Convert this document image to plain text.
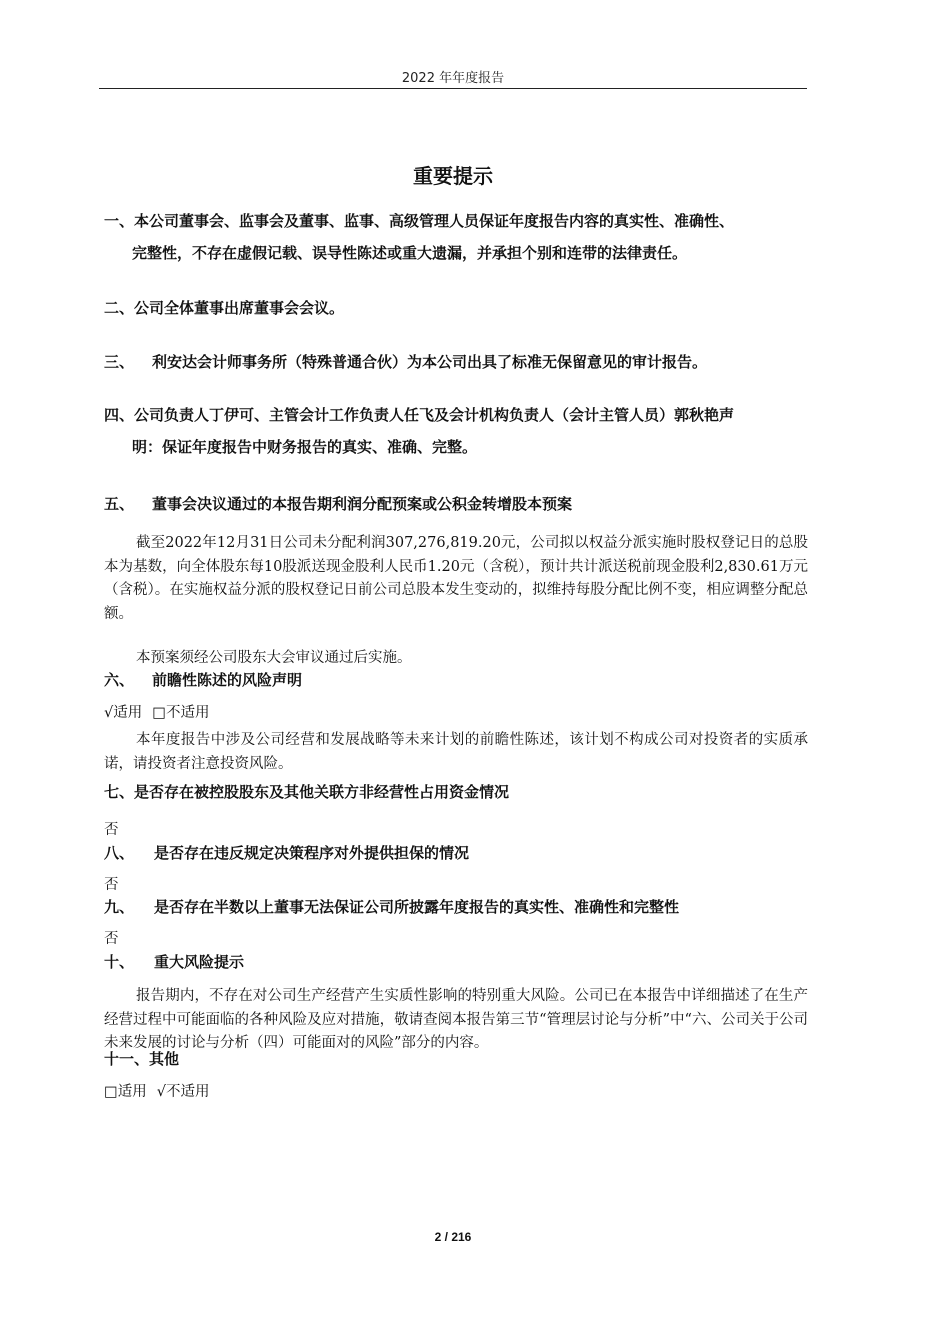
2022 年年度报告
重要提示
一、本公司董事会、监事会及董事、监事、高级管理人员保证年度报告内容的真实性、准确性、
完整性，不存在虚假记载、误导性陈述或重大遗漏，并承担个别和连带的法律责任。
二、公司全体董事出席董事会会议。
三、 利安达会计师事务所（特殊普通合伙）为本公司出具了标准无保留意见的审计报告。
四、公司负责人丁伊可、主管会计工作负责人任飞及会计机构负责人（会计主管人员）郭秋艳声
明：保证年度报告中财务报告的真实、准确、完整。
五、 董事会决议通过的本报告期利润分配预案或公积金转增股本预案
截至2022年12月31日公司未分配利润307,276,819.20元，公司拟以权益分派实施时股权登记日的总股本为基数，向全体股东每10股派送现金股利人民币1.20元（含税），预计共计派送税前现金股利2,830.61万元（含税）。在实施权益分派的股权登记日前公司总股本发生变动的，拟维持每股分配比例不变，相应调整分配总额。
本预案须经公司股东大会审议通过后实施。
六、 前瞻性陈述的风险声明
√适用 □不适用
本年度报告中涉及公司经营和发展战略等未来计划的前瞻性陈述，该计划不构成公司对投资者的实质承诺，请投资者注意投资风险。
七、是否存在被控股股东及其他关联方非经营性占用资金情况
否
八、 是否存在违反规定决策程序对外提供担保的情况
否
九、 是否存在半数以上董事无法保证公司所披露年度报告的真实性、准确性和完整性
否
十、 重大风险提示
报告期内，不存在对公司生产经营产生实质性影响的特别重大风险。公司已在本报告中详细描述了在生产经营过程中可能面临的各种风险及应对措施，敬请查阅本报告第三节“管理层讨论与分析”中“六、公司关于公司未来发展的讨论与分析（四）可能面对的风险”部分的内容。
十一、其他
□适用 √不适用
2 / 216
